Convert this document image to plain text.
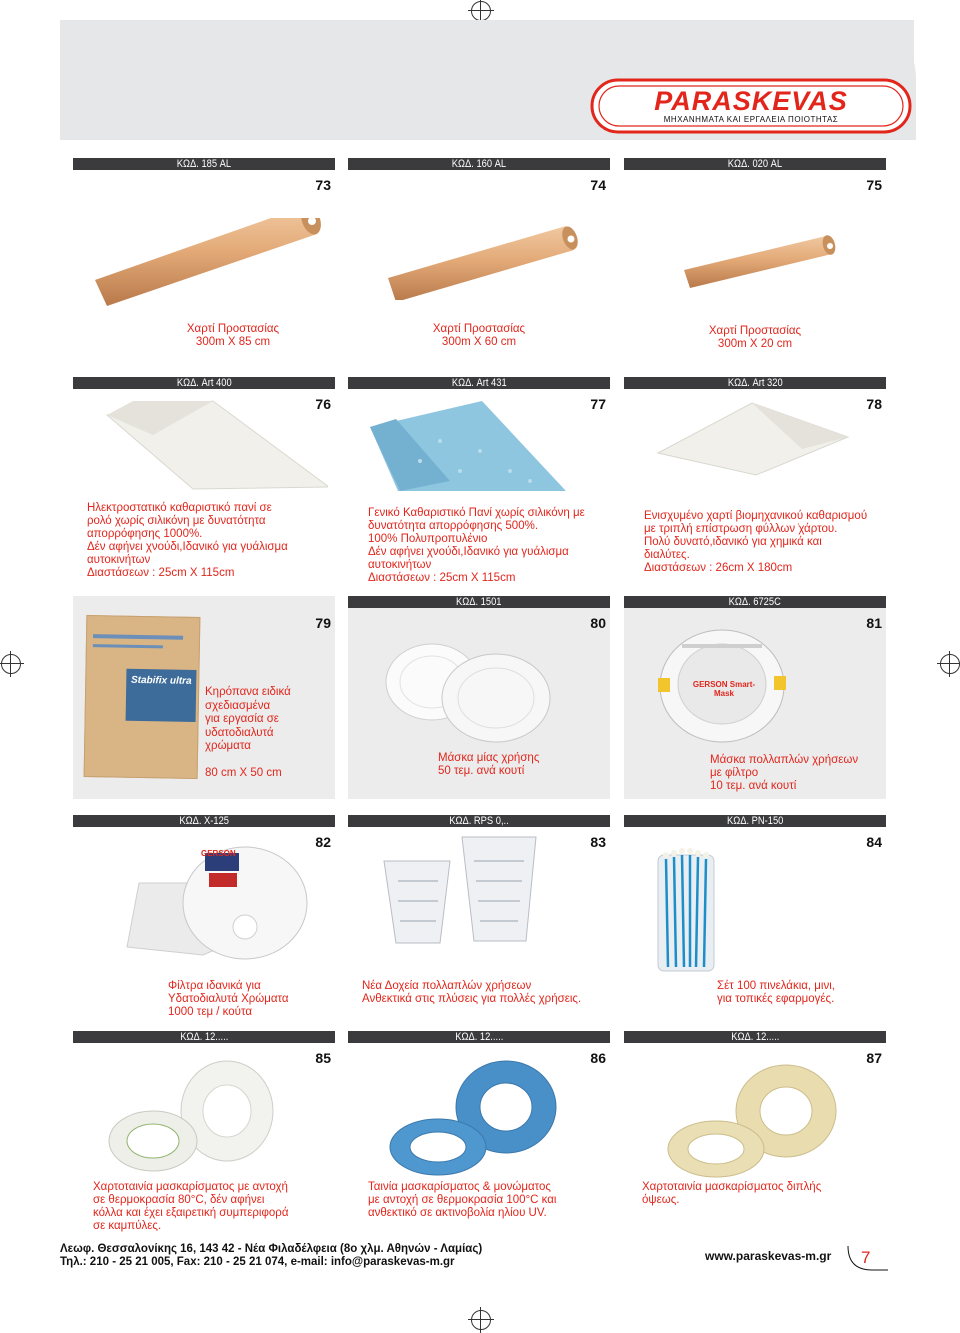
PARASKEVAS
ΜΗΧΑΝΗΜΑΤΑ ΚΑΙ ΕΡΓΑΛΕΙΑ ΠΟΙΟΤΗΤΑΣ
ΚΩΔ. 185 AL
73
Χαρτί Προστασίας
300m X 85 cm
ΚΩΔ. 160 AL
74
Χαρτί Προστασίας
300m X 60 cm
ΚΩΔ. 020 AL
75
Χαρτί Προστασίας
300m X 20 cm
ΚΩΔ. Art 400
76
Ηλεκτροστατικό καθαριστικό πανί σε
ρολό χωρίς σιλικόνη με δυνατότητα
απορρόφησης 1000%.
Δέν αφήνει χνούδι,Ιδανικό για γυάλισμα
αυτοκινήτων
Διαστάσεων : 25cm X 115cm
ΚΩΔ. Art 431
77
Γενικό Καθαριστικό Πανί χωρίς σιλικόνη με
δυνατότητα απορρόφησης 500%.
100% Πολυπροπυλένιο
Δέν αφήνει χνούδι,Ιδανικό για γυάλισμα
αυτοκινήτων
Διαστάσεων : 25cm X 115cm
ΚΩΔ. Art 320
78
Ενισχυμένο χαρτί βιομηχανικού καθαρισμού
με τριπλή επίστρωση φύλλων ̇χάρτου.
Πολύ δυνατό,ιδανικό για χημικά και
διαλύτες.
Διαστάσεων : 26cm X 180cm
79
Stabifix ultra
Κηρόπανα ειδικά
σχεδιασμένα
για εργασία σε
υδατοδιαλυτά
χρώματα
80 cm X 50 cm
ΚΩΔ. 1501
80
Μάσκα μίας χρήσης
50 τεμ. ανά κουτί
ΚΩΔ. 6725C
81
GERSON Smart-Mask
Μάσκα πολλαπλών χρήσεων
με φίλτρο
10 τεμ. ανά κουτί
ΚΩΔ. X-125
82
GERSON
Φίλτρα ιδανικά για
Υδατοδιαλυτά Χρώματα
1000 τεμ / κούτα
ΚΩΔ. RPS 0,..
83
Νέα Δοχεία πολλαπλών χρήσεων
Ανθεκτικά στις πλύσεις για πολλές χρήσεις.
ΚΩΔ. PN-150
84
Σέτ 100 πινελάκια, μινι,
για τοπικές εφαρμογές.
ΚΩΔ. 12.....
85
Χαρτοταινία μασκαρίσματος με αντοχή
σε θερμοκρασία 80°C, δέν αφήνει
κόλλα και έχει εξαιρετική συμπεριφορά
σε καμπύλες.
ΚΩΔ. 12.....
86
Ταινία μασκαρίσματος & μονώματος
με αντοχή σε θερμοκρασία 100°C και
ανθεκτικό σε ακτινοβολία ηλίου UV.
ΚΩΔ. 12.....
87
Χαρτοταινία μασκαρίσματος διπλής
όψεως.
Λεωφ. Θεσσαλονίκης 16, 143 42 - Νέα Φιλαδέλφεια (8ο χλμ. Αθηνών - Λαμίας)
Τηλ.: 210 - 25 21 005, Fax: 210 - 25 21 074, e-mail: info@paraskevas-m.gr	www.paraskevas-m.gr 7
